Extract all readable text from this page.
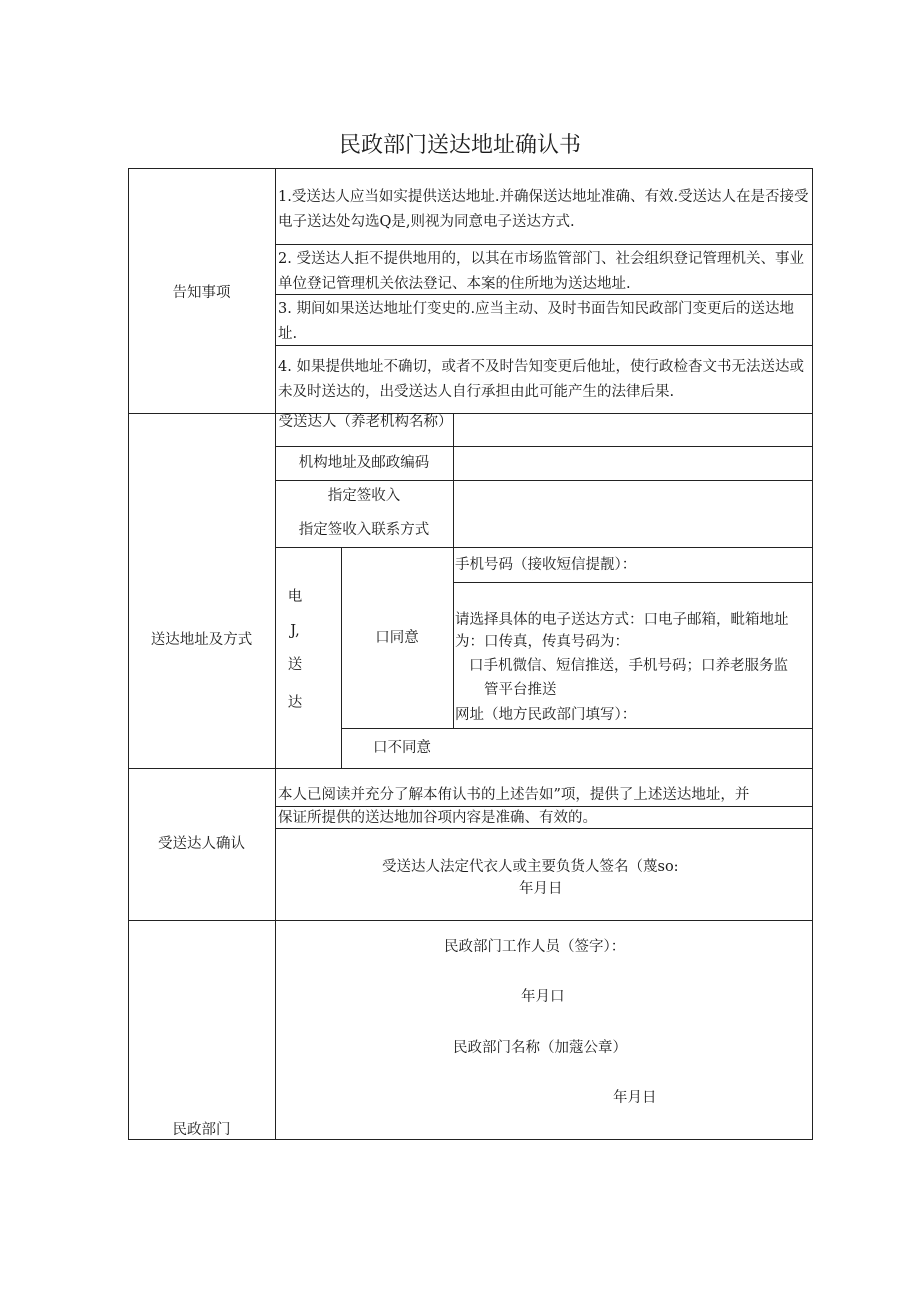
民政部门送达地址确认书
告知事项
送达地址及方式
受送达人确认
民政部门
1.受送达人应当如实提供送达地址.并确保送达地址准确、有效.受送达人在是否接受电子送达处勾选Q是,则视为同意电子送达方式.
2. 受送达人拒不提供地用的，以其在市场监管部门、社会组织登记管理机关、事业单位登记管理机关依法登记、本案的住所地为送达地址.
3. 期间如果送达地址仃变史的.应当主动、及时书面告知民政部门变更后的送达地址.
4. 如果提供地址不确切，或者不及时告知变更后他址，使行政检杳文书无法送达或未及时送达的，出受送达人自行承担由此可能产生的法律后果.
受送达人（养老机构名称）
机构地址及邮政编码
指定签收入
指定签收入联系方式
电
J,
送
达
口同意
手机号码（接收短信提靓）：
请选择具体的电子送达方式：口电子邮箱，毗箱地址
为：口传真，传真号码为：
口手机微信、短信推送，手机号码；口养老服务监
管平台推送
网址（地方民政部门填写）：
口不同意
本人已阅读并充分了解本侑认书的上述告如”项，提供了上述送达地址，并
保证所提供的送达地加谷项内容是准确、有效的。
受送达人法定代衣人或主要负货人签名（蔑so:
年月日
民政部门工作人员（签字）：
年月口
民政部门名称（加蔻公章）
年月日
